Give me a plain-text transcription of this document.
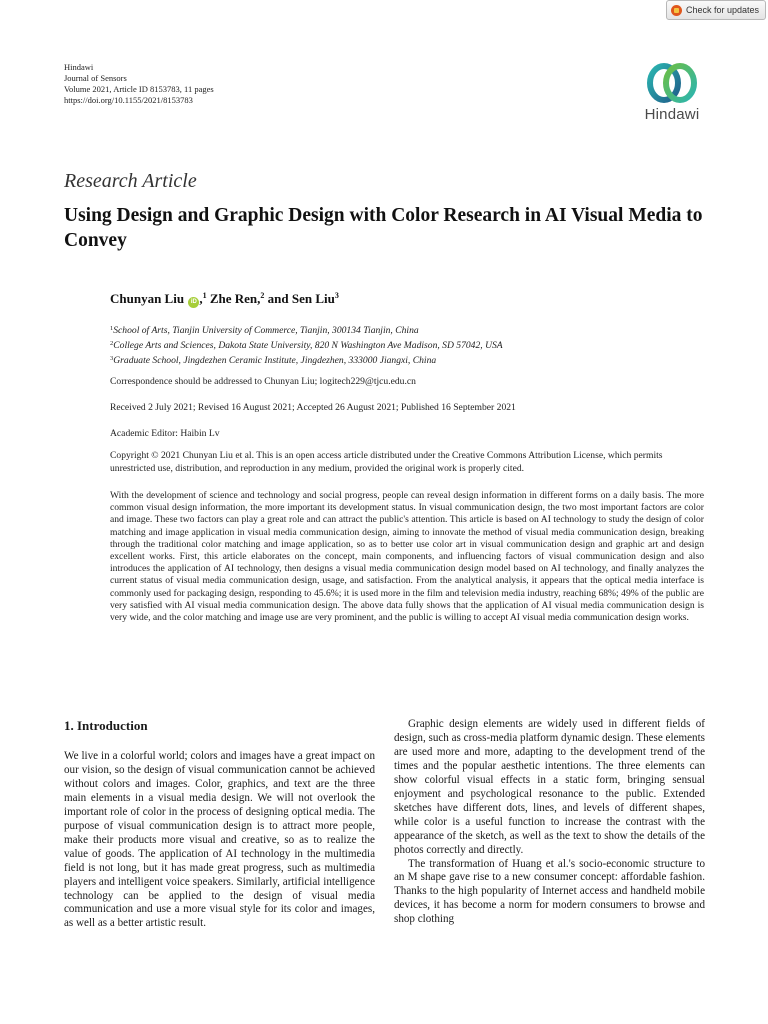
Check for updates
Hindawi
Journal of Sensors
Volume 2021, Article ID 8153783, 11 pages
https://doi.org/10.1155/2021/8153783
Hindawi
Research Article
Using Design and Graphic Design with Color Research in AI Visual Media to Convey
Chunyan Liu iD ,$^1$ Zhe Ren,$^2$ and Sen Liu$^3$
$^1$School of Arts, Tianjin University of Commerce, Tianjin, 300134 Tianjin, China
$^2$College Arts and Sciences, Dakota State University, 820 N Washington Ave Madison, SD 57042, USA
$^3$Graduate School, Jingdezhen Ceramic Institute, Jingdezhen, 333000 Jiangxi, China
Correspondence should be addressed to Chunyan Liu; logitech229@tjcu.edu.cn
Received 2 July 2021; Revised 16 August 2021; Accepted 26 August 2021; Published 16 September 2021
Academic Editor: Haibin Lv

Copyright © 2021 Chunyan Liu et al. This is an open access article distributed under the Creative Commons Attribution License, which permits unrestricted use, distribution, and reproduction in any medium, provided the original work is properly cited.

With the development of science and technology and social progress, people can reveal design information in different forms on a daily basis. The more common visual design information, the more important its development status. In visual communication design, the two most important factors are color and image. These two factors can play a great role and can attract the public's attention. This article is based on AI technology to study the design of color matching and image application in visual media communication design, aiming to innovate the method of visual media communication design, breaking through the traditional color matching and image application, so as to better use color art in visual communication design and graphic art and design excellent works. First, this article elaborates on the concept, main components, and influencing factors of visual communication design and also introduces the application of AI technology, then designs a visual media communication design model based on AI technology, and finally analyzes the current status of visual media communication design, usage, and satisfaction. From the analytical analysis, it appears that the optical media interface is commonly used for packaging design, responding to 45.6%; it is used more in the film and television media industry, reaching 68%; 49% of the public are very satisfied with AI visual media communication design. The above data fully shows that the application of AI visual media communication design is very wide, and the color matching and image use are very prominent, and the public is willing to accept AI visual media communication design works.

1. Introduction

We live in a colorful world; colors and images have a great impact on our vision, so the design of visual communication cannot be achieved without colors and images. Color, graphics, and text are the three main elements in a visual media design. We will not overlook the important role of color in the process of designing optical media. The purpose of visual communication design is to attract more people, make their products more visual and creative, so as to realize the value of goods. The application of AI technology in the multimedia field is not long, but it has made great progress, such as multimedia players and intelligent voice speakers. Similarly, artificial intelligence technology can be applied to the design of visual media communication and use a more visual style for its color and images, as well as a better artistic result.

Graphic design elements are widely used in different fields of design, such as cross-media platform dynamic design. These elements are used more and more, adapting to the development trend of the times and the popular aesthetic intentions. The three elements can show colorful visual effects in a static form, bringing sensual enjoyment and psychological resonance to the public. Extended sketches have different dots, lines, and levels of different shapes, while color is a useful function to increase the contrast with the appearance of the sketch, as well as the text to show the details of the photos correctly and directly.

The transformation of Huang et al.'s socio-economic structure to an M shape gave rise to a new consumer concept: affordable fashion. Thanks to the high popularity of Internet access and handheld mobile devices, it has become a norm for modern consumers to browse and shop clothing
